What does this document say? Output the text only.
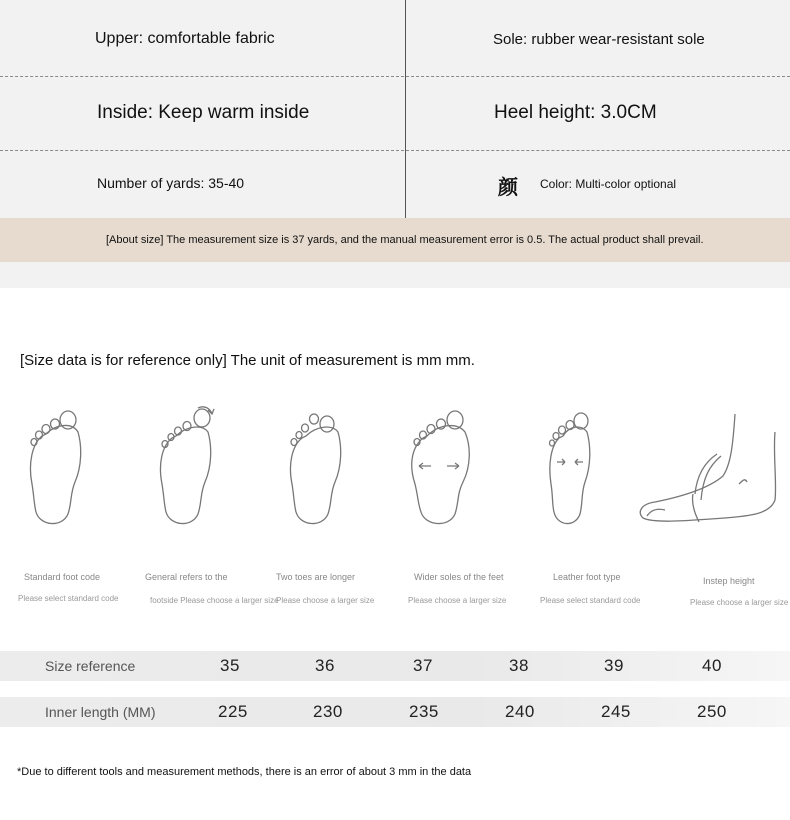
Upper: comfortable fabric	Sole: rubber wear-resistant sole
Inside: Keep warm inside	Heel height: 3.0CM
Number of yards: 35-40	颜 Color: Multi-color optional
[About size] The measurement size is 37 yards, and the manual measurement error is 0.5. The actual product shall prevail.
[Size data is for reference only] The unit of measurement is mm mm.
Standard foot code
Please select standard code
General refers to the
footside Please choose a larger size
Two toes are longer
Please choose a larger size
Wider soles of the feet
Please choose a larger size
Leather foot type
Please select standard code
Instep height
Please choose a larger size
Size reference	35	36	37	38	39	40
Inner length (MM)	225	230	235	240	245	250
*Due to different tools and measurement methods, there is an error of about 3 mm in the data
